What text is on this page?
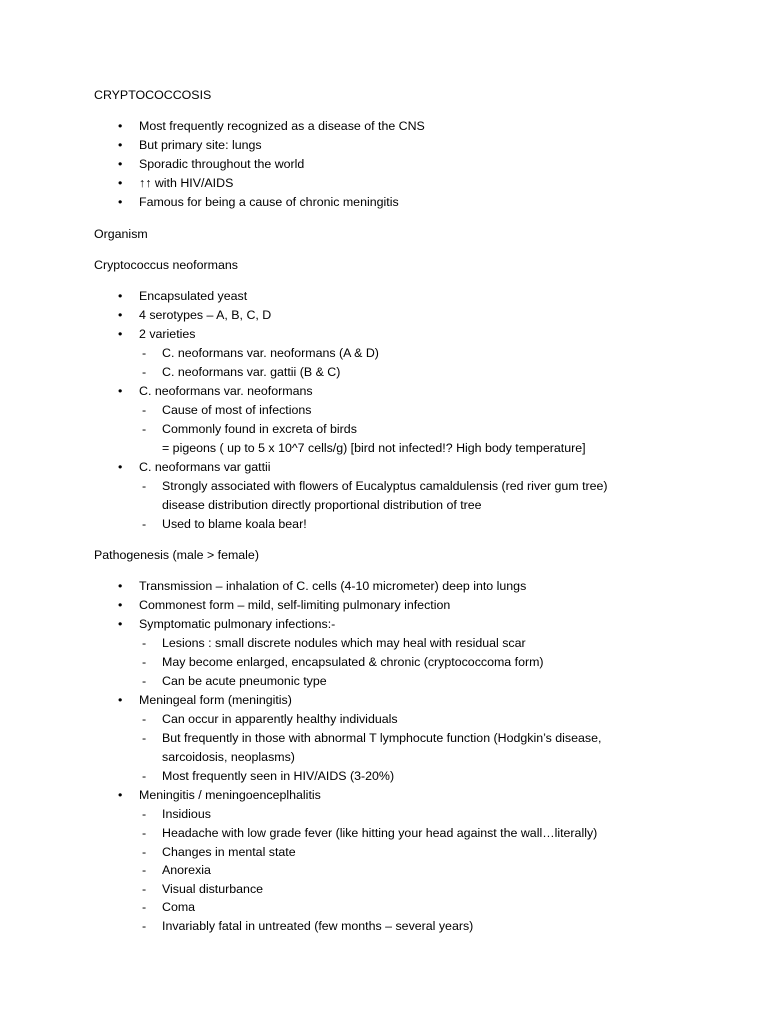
CRYPTOCOCCOSIS
• Most frequently recognized as a disease of the CNS
• But primary site: lungs
• Sporadic throughout the world
• ↑↑ with HIV/AIDS
• Famous for being a cause of chronic meningitis
Organism
Cryptococcus neoformans
• Encapsulated yeast
• 4 serotypes – A, B, C, D
• 2 varieties
- C. neoformans var. neoformans (A & D)
- C. neoformans var. gattii (B & C)
• C. neoformans var. neoformans
- Cause of most of infections
- Commonly found in excreta of birds
= pigeons ( up to 5 x 10^7 cells/g) [bird not infected!? High body temperature]
• C. neoformans var gattii
- Strongly associated with flowers of Eucalyptus camaldulensis (red river gum tree)
disease distribution directly proportional distribution of tree
- Used to blame koala bear!
Pathogenesis (male > female)
• Transmission – inhalation of C. cells (4-10 micrometer) deep into lungs
• Commonest form – mild, self-limiting pulmonary infection
• Symptomatic pulmonary infections:-
- Lesions : small discrete nodules which may heal with residual scar
- May become enlarged, encapsulated & chronic (cryptococcoma form)
- Can be acute pneumonic type
• Meningeal form (meningitis)
- Can occur in apparently healthy individuals
- But frequently in those with abnormal T lymphocute function (Hodgkin’s disease,
sarcoidosis, neoplasms)
- Most frequently seen in HIV/AIDS (3-20%)
• Meningitis / meningoenceplhalitis
- Insidious
- Headache with low grade fever (like hitting your head against the wall…literally)
- Changes in mental state
- Anorexia
- Visual disturbance
- Coma
- Invariably fatal in untreated (few months – several years)
